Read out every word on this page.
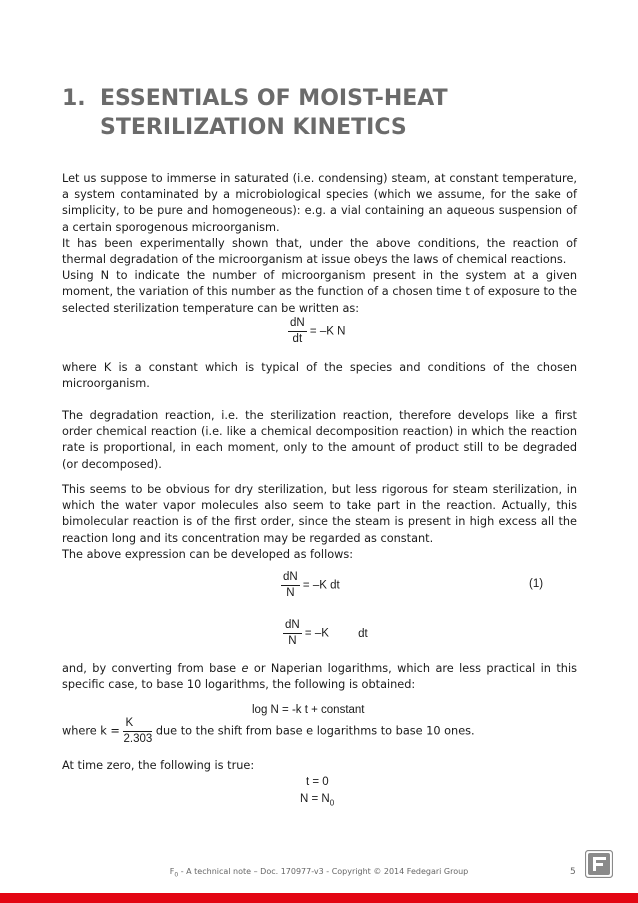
1. ESSENTIALS OF MOIST-HEAT
STERILIZATION KINETICS

Let us suppose to immerse in saturated (i.e. condensing) steam, at constant temperature, a system contaminated by a microbiological species (which we assume, for the sake of simplicity, to be pure and homogeneous): e.g. a vial containing an aqueous suspension of a certain sporogenous microorganism.
It has been experimentally shown that, under the above conditions, the reaction of thermal degradation of the microorganism at issue obeys the laws of chemical reactions.
Using N to indicate the number of microorganism present in the system at a given moment, the variation of this number as the function of a chosen time t of exposure to the selected sterilization temperature can be written as:

$\frac{dN}{dt} = -K$ N

where K is a constant which is typical of the species and conditions of the chosen microorganism.

The degradation reaction, i.e. the sterilization reaction, therefore develops like a first order chemical reaction (i.e. like a chemical decomposition reaction) in which the reaction rate is proportional, in each moment, only to the amount of product still to be degraded (or decomposed).

This seems to be obvious for dry sterilization, but less rigorous for steam sterilization, in which the water vapor molecules also seem to take part in the reaction. Actually, this bimolecular reaction is of the first order, since the steam is present in high excess all the reaction long and its concentration may be regarded as constant.
The above expression can be developed as follows:

$\frac{dN}{N} = -K$ dt	(1)
$\frac{dN}{N} = -K$	dt

and, by converting from base e or Naperian logarithms, which are less practical in this specific case, to base 10 logarithms, the following is obtained:

log N = -k t + constant
where $k = \frac{K}{2.303}$ due to the shift from base e logarithms to base 10 ones.

At time zero, the following is true:

t = 0
$N = N_0$
$F_0$ - A technical note – Doc. 170977-v3 - Copyright © 2014 Fedegari Group	5
